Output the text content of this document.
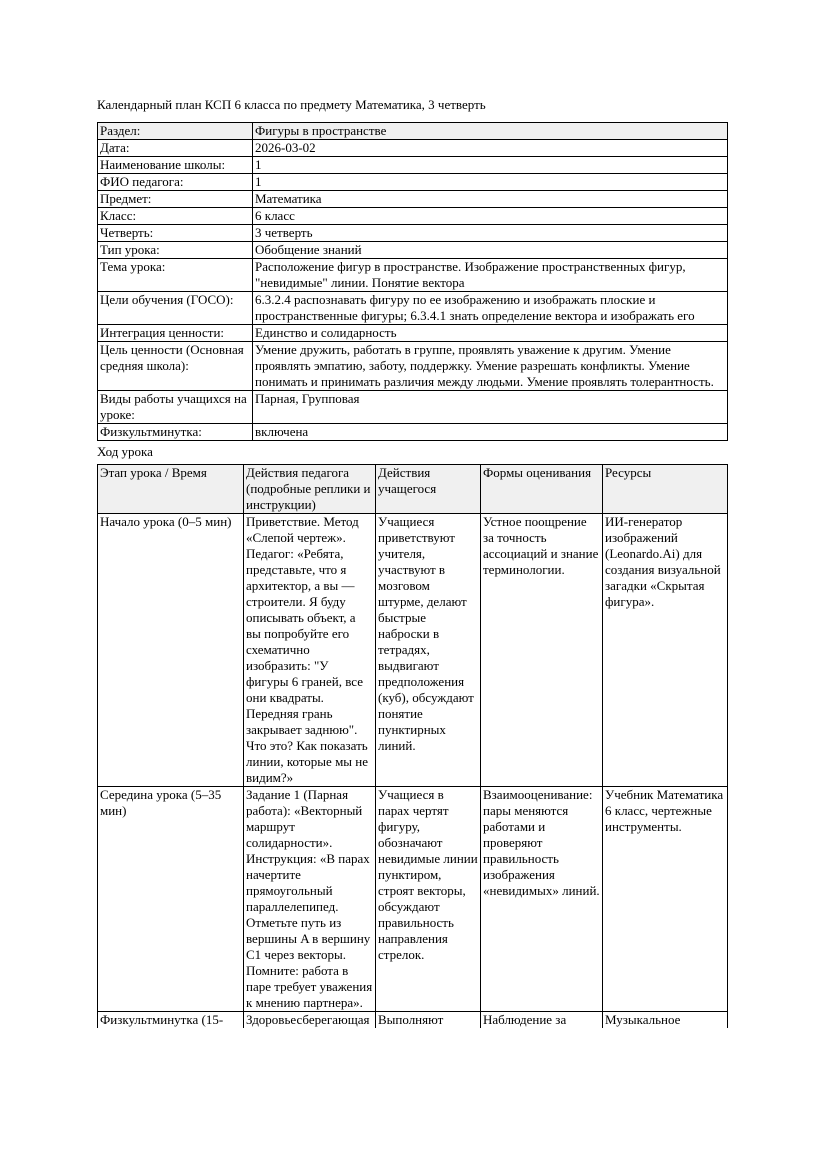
Календарный план КСП 6 класса по предмету Математика, 3 четверть
Раздел:	Фигуры в пространстве
Дата:	2026-03-02
Наименование школы:	1
ФИО педагога:	1
Предмет:	Математика
Класс:	6 класс
Четверть:	3 четверть
Тип урока:	Обобщение знаний
Тема урока:	Расположение фигур в пространстве. Изображение пространственных фигур, "невидимые" линии. Понятие вектора
Цели обучения (ГОСО):	6.3.2.4 распознавать фигуру по ее изображению и изображать плоские и пространственные фигуры; 6.3.4.1 знать определение вектора и изображать его
Интеграция ценности:	Единство и солидарность
Цель ценности (Основная средняя школа):	Умение дружить, работать в группе, проявлять уважение к другим. Умение проявлять эмпатию, заботу, поддержку. Умение разрешать конфликты. Умение понимать и принимать различия между людьми. Умение проявлять толерантность.
Виды работы учащихся на уроке:	Парная, Групповая
Физкультминутка:	включена
Ход урока
Этап урока / Время	Действия педагога (подробные реплики и инструкции)	Действия учащегося	Формы оценивания	Ресурсы
Начало урока (0–5 мин)	Приветствие. Метод «Слепой чертеж». Педагог: «Ребята, представьте, что я архитектор, а вы — строители. Я буду описывать объект, а вы попробуйте его схематично изобразить: "У фигуры 6 граней, все они квадраты. Передняя грань закрывает заднюю". Что это? Как показать линии, которые мы не видим?»	Учащиеся приветствуют учителя, участвуют в мозговом штурме, делают быстрые наброски в тетрадях, выдвигают предположения (куб), обсуждают понятие пунктирных линий.	Устное поощрение за точность ассоциаций и знание терминологии.	ИИ-генератор изображений (Leonardo.Ai) для создания визуальной загадки «Скрытая фигура».
Середина урока (5–35 мин)	Задание 1 (Парная работа): «Векторный маршрут солидарности». Инструкция: «В парах начертите прямоугольный параллелепипед. Отметьте путь из вершины A в вершину C1 через векторы. Помните: работа в паре требует уважения к мнению партнера».	Учащиеся в парах чертят фигуру, обозначают невидимые линии пунктиром, строят векторы, обсуждают правильность направления стрелок.	Взаимооценивание: пары меняются работами и проверяют правильность изображения «невидимых» линий.	Учебник Математика 6 класс, чертежные инструменты.
Физкультминутка (15-	Здоровьесберегающая	Выполняют	Наблюдение за	Музыкальное
